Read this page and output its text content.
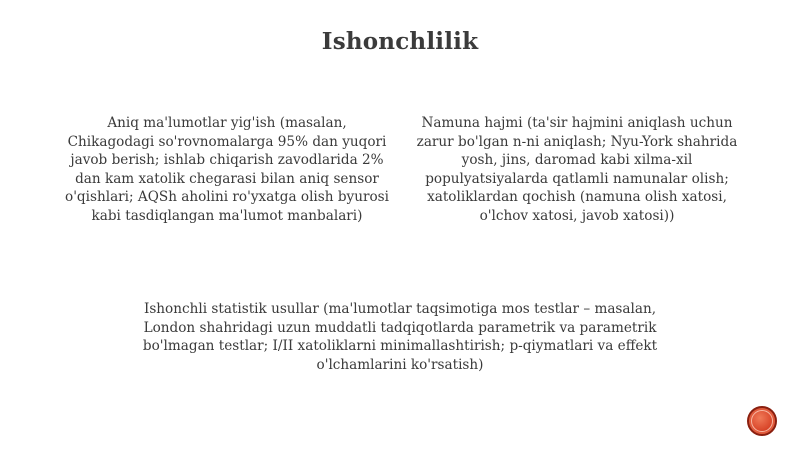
Ishonchlilik
Aniq ma'lumotlar yig'ish (masalan, Chikagodagi so'rovnomalarga 95% dan yuqori javob berish; ishlab chiqarish zavodlarida 2% dan kam xatolik chegarasi bilan aniq sensor o'qishlari; AQSh aholini ro'yxatga olish byurosi kabi tasdiqlangan ma'lumot manbalari)
Namuna hajmi (ta'sir hajmini aniqlash uchun zarur bo'lgan n-ni aniqlash; Nyu-York shahrida yosh, jins, daromad kabi xilma-xil populyatsiyalarda qatlamli namunalar olish; xatoliklardan qochish (namuna olish xatosi, o'lchov xatosi, javob xatosi))
Ishonchli statistik usullar (ma'lumotlar taqsimotiga mos testlar – masalan, London shahridagi uzun muddatli tadqiqotlarda parametrik va parametrik bo'lmagan testlar; I/II xatoliklarni minimallashtirish; p-qiymatlari va effekt o'lchamlarini ko'rsatish)
